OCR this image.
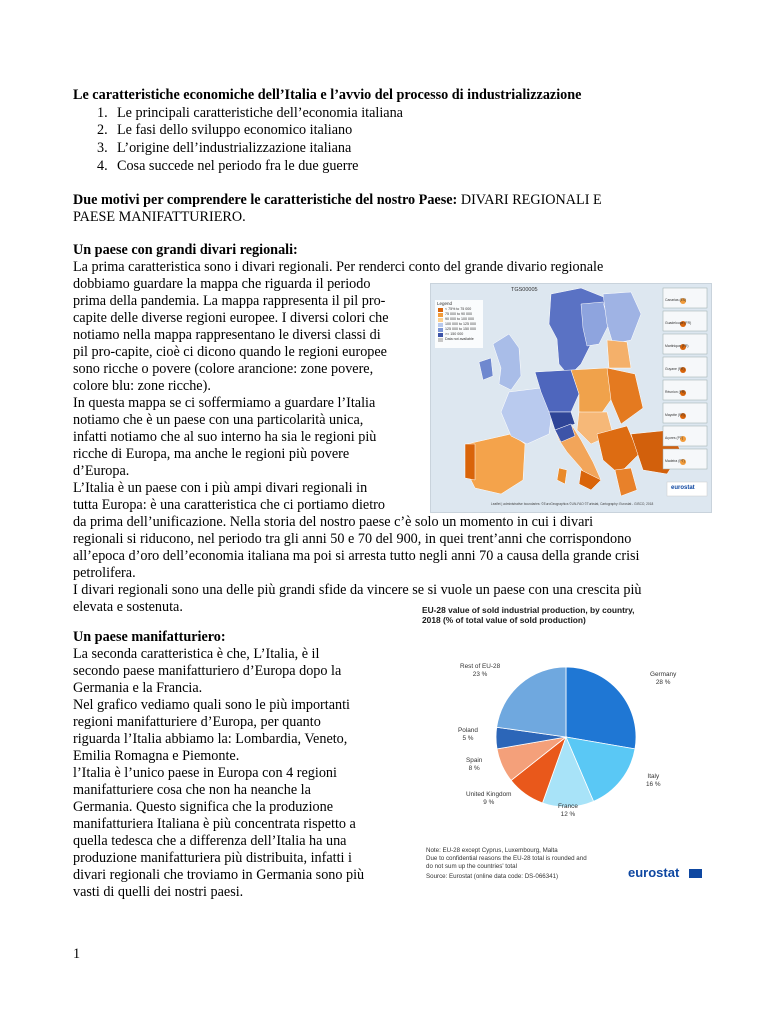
Le caratteristiche economiche dell’Italia e l’avvio del processo di industrializzazione
1. Le principali caratteristiche dell’economia italiana
2. Le fasi dello sviluppo economico italiano
3. L’origine dell’industrializzazione italiana
4. Cosa succede nel periodo fra le due guerre
Due motivi per comprendere le caratteristiche del nostro Paese: DIVARI REGIONALI E
PAESE MANIFATTURIERO.
Un paese con grandi divari regionali:
La prima caratteristica sono i divari regionali. Per renderci conto del grande divario regionale
dobbiamo guardare la mappa che riguarda il periodo
prima della pandemia. La mappa rappresenta il pil pro-
capite delle diverse regioni europee. I diversi colori che
notiamo nella mappa rappresentano le diversi classi di
pil pro-capite, cioè ci dicono quando le regioni europee
sono ricche o povere (colore arancione: zone povere,
colore blu: zone ricche).
In questa mappa se ci soffermiamo a guardare l’Italia
notiamo che è un paese con una particolarità unica,
infatti notiamo che al suo interno ha sia le regioni più
ricche di Europa, ma anche le regioni più povere
d’Europa.
L’Italia è un paese con i più ampi divari regionali in
tutta Europa: è una caratteristica che ci portiamo dietro
da prima dell’unificazione. Nella storia del nostro paese c’è solo un momento in cui i divari
regionali si riducono, nel periodo tra gli anni 50 e 70 del 900, in quei trent’anni che corrispondono
all’epoca d’oro dell’economia italiana ma poi si arresta tutto negli anni 70 a causa della grande crisi
petrolifera.
I divari regionali sono una delle più grandi sfide da vincere se si vuole un paese con una crescita più
elevata e sostenuta.
TGS00005
Legend
< 75% to 75 000
75 000 to 90 000
90 000 to 100 000
100 000 to 125 000
125 000 to 150 000
>= 150 000
Data not available
Canarias (ES)
Guadeloupe (FR)
Martinique (FR)
Guyane (FR)
Réunion (FR)
Mayotte (FR)
Açores (PT)
Madeira (PT)
eurostat
Leaflet | administrative boundaries: ©EuroGeographics ©UN-FAO ©Turkstat, Cartography: Eurostat - GISCO, 2018
Un paese manifatturiero:
La seconda caratteristica è che, L’Italia, è il
secondo paese manifatturiero d’Europa dopo la
Germania e la Francia.
Nel grafico vediamo quali sono le più importanti
regioni manifatturiere d’Europa, per quanto
riguarda l’Italia abbiamo la: Lombardia, Veneto,
Emilia Romagna e Piemonte.
l’Italia è l’unico paese in Europa con 4 regioni
manifatturiere cosa che non ha neanche la
Germania. Questo significa che la produzione
manifatturiera Italiana è più concentrata rispetto a
quella tedesca che a differenza dell’Italia ha una
produzione manifatturiera più distribuita, infatti i
divari regionali che troviamo in Germania sono più
vasti di quelli dei nostri paesi.
EU-28 value of sold industrial production, by country,
2018 (% of total value of sold production)
Rest of EU-28
23 %	Germany
28 %
Poland
5 %
Italy
16 %
Spain
8 %
United Kingdom
9 %
France
12 %
Note: EU-28 except Cyprus, Luxembourg, Malta
Due to confidential reasons the EU-28 total is rounded and
do not sum up the countries' total
Source: Eurostat (online data code: DS-066341)	eurostat
1
